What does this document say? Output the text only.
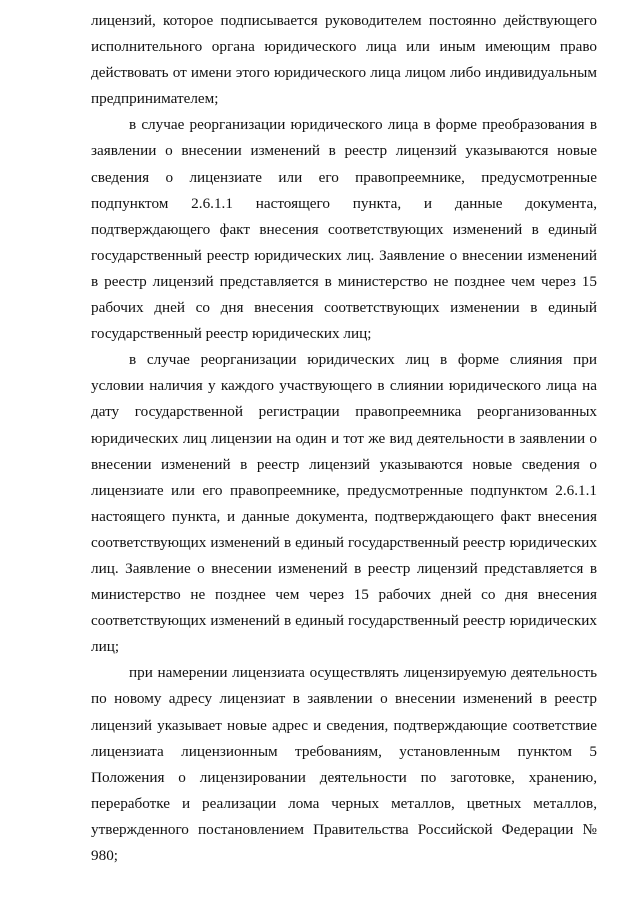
лицензий, которое подписывается руководителем постоянно действующего исполнительного органа юридического лица или иным имеющим право действовать от имени этого юридического лица лицом либо индивидуальным предпринимателем;

в случае реорганизации юридического лица в форме преобразования в заявлении о внесении изменений в реестр лицензий указываются новые сведения о лицензиате или его правопреемнике, предусмотренные подпунктом 2.6.1.1 настоящего пункта, и данные документа, подтверждающего факт внесения соответствующих изменений в единый государственный реестр юридических лиц. Заявление о внесении изменений в реестр лицензий представляется в министерство не позднее чем через 15 рабочих дней со дня внесения соответствующих изменении в единый государственный реестр юридических лиц;

в случае реорганизации юридических лиц в форме слияния при условии наличия у каждого участвующего в слиянии юридического лица на дату государственной регистрации правопреемника реорганизованных юридических лиц лицензии на один и тот же вид деятельности в заявлении о внесении изменений в реестр лицензий указываются новые сведения о лицензиате или его правопреемнике, предусмотренные подпунктом 2.6.1.1 настоящего пункта, и данные документа, подтверждающего факт внесения соответствующих изменений в единый государственный реестр юридических лиц. Заявление о внесении изменений в реестр лицензий представляется в министерство не позднее чем через 15 рабочих дней со дня внесения соответствующих изменений в единый государственный реестр юридических лиц;

при намерении лицензиата осуществлять лицензируемую деятельность по новому адресу лицензиат в заявлении о внесении изменений в реестр лицензий указывает новые адрес и сведения, подтверждающие соответствие лицензиата лицензионным требованиям, установленным пунктом 5 Положения о лицензировании деятельности по заготовке, хранению, переработке и реализации лома черных металлов, цветных металлов, утвержденного постановлением Правительства Российской Федерации № 980;
